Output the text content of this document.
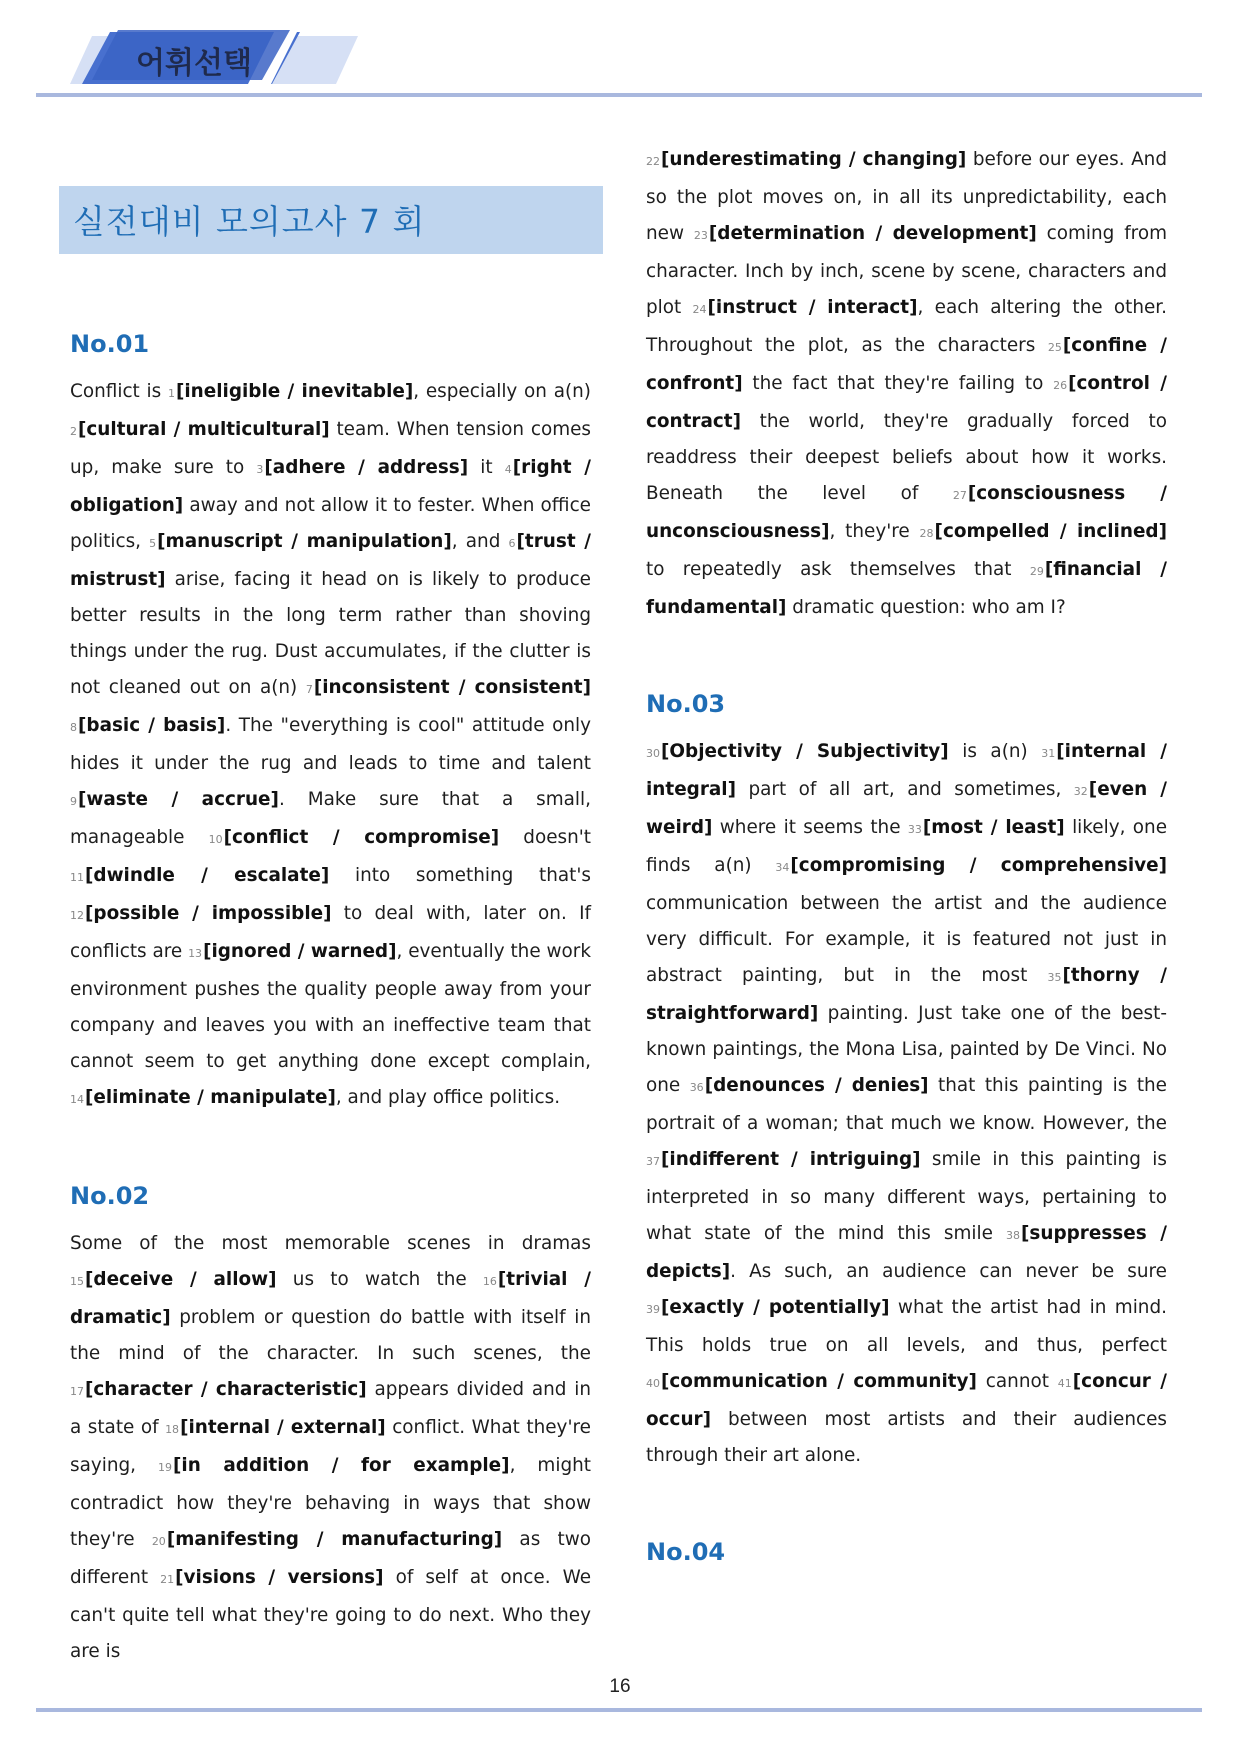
어휘선택
실전대비 모의고사 7 회
No.01

Conflict is 1[ineligible / inevitable], especially on a(n) 2[cultural / multicultural] team. When tension comes up, make sure to 3[adhere / address] it 4[right / obligation] away and not allow it to fester. When office politics, 5[manuscript / manipulation], and 6[trust / mistrust] arise, facing it head on is likely to produce better results in the long term rather than shoving things under the rug. Dust accumulates, if the clutter is not cleaned out on a(n) 7[inconsistent / consistent] 8[basic / basis]. The "everything is cool" attitude only hides it under the rug and leads to time and talent 9[waste / accrue]. Make sure that a small, manageable 10[conflict / compromise] doesn't 11[dwindle / escalate] into something that's 12[possible / impossible] to deal with, later on. If conflicts are 13[ignored / warned], eventually the work environment pushes the quality people away from your company and leaves you with an ineffective team that cannot seem to get anything done except complain, 14[eliminate / manipulate], and play office politics.

No.02

Some of the most memorable scenes in dramas 15[deceive / allow] us to watch the 16[trivial / dramatic] problem or question do battle with itself in the mind of the character. In such scenes, the 17[character / characteristic] appears divided and in a state of 18[internal / external] conflict. What they're saying, 19[in addition / for example], might contradict how they're behaving in ways that show they're 20[manifesting / manufacturing] as two different 21[visions / versions] of self at once. We can't quite tell what they're going to do next. Who they are is

22[underestimating / changing] before our eyes. And so the plot moves on, in all its unpredictability, each new 23[determination / development] coming from character. Inch by inch, scene by scene, characters and plot 24[instruct / interact], each altering the other. Throughout the plot, as the characters 25[confine / confront] the fact that they're failing to 26[control / contract] the world, they're gradually forced to readdress their deepest beliefs about how it works. Beneath the level of 27[consciousness / unconsciousness], they're 28[compelled / inclined] to repeatedly ask themselves that 29[financial / fundamental] dramatic question: who am I?

No.03

30[Objectivity / Subjectivity] is a(n) 31[internal / integral] part of all art, and sometimes, 32[even / weird] where it seems the 33[most / least] likely, one finds a(n) 34[compromising / comprehensive] communication between the artist and the audience very difficult. For example, it is featured not just in abstract painting, but in the most 35[thorny / straightforward] painting. Just take one of the best-known paintings, the Mona Lisa, painted by De Vinci. No one 36[denounces / denies] that this painting is the portrait of a woman; that much we know. However, the 37[indifferent / intriguing] smile in this painting is interpreted in so many different ways, pertaining to what state of the mind this smile 38[suppresses / depicts]. As such, an audience can never be sure 39[exactly / potentially] what the artist had in mind. This holds true on all levels, and thus, perfect 40[communication / community] cannot 41[concur / occur] between most artists and their audiences through their art alone.

No.04
16
